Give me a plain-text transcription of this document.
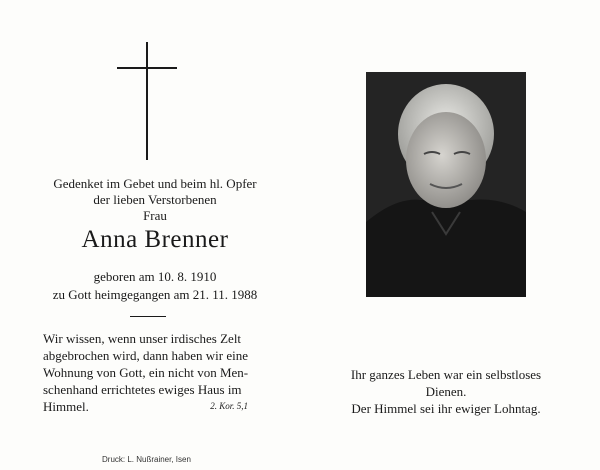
Gedenket im Gebet und beim hl. Opfer
der lieben Verstorbenen
Frau
Anna Brenner
geboren am 10. 8. 1910
zu Gott heimgegangen am 21. 11. 1988
Wir wissen, wenn unser irdisches Zelt
abgebrochen wird, dann haben wir eine
Wohnung von Gott, ein nicht von Men-
schenhand errichtetes ewiges Haus im
Himmel.	2. Kor. 5,1
Ihr ganzes Leben war ein selbstloses
Dienen.
Der Himmel sei ihr ewiger Lohntag.
Druck: L. Nußrainer, Isen
